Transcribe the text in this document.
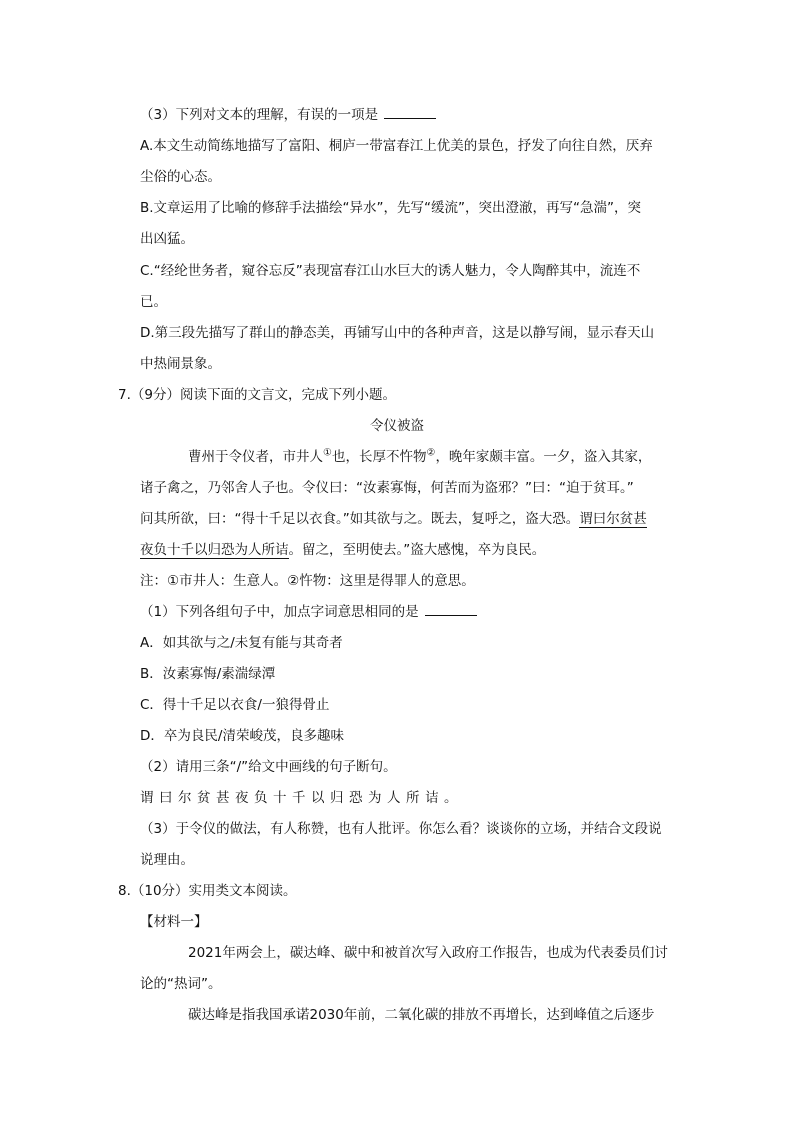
（3）下列对文本的理解，有误的一项是
A.本文生动简练地描写了富阳、桐庐一带富春江上优美的景色，抒发了向往自然，厌弃
尘俗的心态。
B.文章运用了比喻的修辞手法描绘“异水”，先写“缓流”，突出澄澈，再写“急湍”，突
出凶猛。
C.“经纶世务者，窥谷忘反”表现富春江山水巨大的诱人魅力，令人陶醉其中，流连不
已。
D.第三段先描写了群山的静态美，再铺写山中的各种声音，这是以静写闹，显示春天山
中热闹景象。
7.（9分）阅读下面的文言文，完成下列小题。
令仪被盗
曹州于令仪者，市井人①也，长厚不忤物②，晚年家颇丰富。一夕，盗入其家，
诸子禽之，乃邻舍人子也。令仪曰：“汝素寡悔，何苦而为盗邪？”曰：“迫于贫耳。”
问其所欲，曰：“得十千足以衣食。”如其欲与之。既去，复呼之，盗大恐。谓曰尔贫甚
夜负十千以归恐为人所诘。留之，至明使去。”盗大感愧，卒为良民。
注：①市井人：生意人。②忤物：这里是得罪人的意思。
（1）下列各组句子中，加点字词意思相同的是
A．如其欲与之/未复有能与其奇者
B．汝素寡悔/素湍绿潭
C．得十千足以衣食/一狼得骨止
D．卒为良民/清荣峻茂，良多趣味
（2）请用三条“/”给文中画线的句子断句。
谓曰尔贫甚夜负十千以归恐为人所诘。
（3）于令仪的做法，有人称赞，也有人批评。你怎么看？谈谈你的立场，并结合文段说
说理由。
8.（10分）实用类文本阅读。
【材料一】
2021年两会上，碳达峰、碳中和被首次写入政府工作报告，也成为代表委员们讨
论的“热词”。
碳达峰是指我国承诺2030年前，二氧化碳的排放不再增长，达到峰值之后逐步
